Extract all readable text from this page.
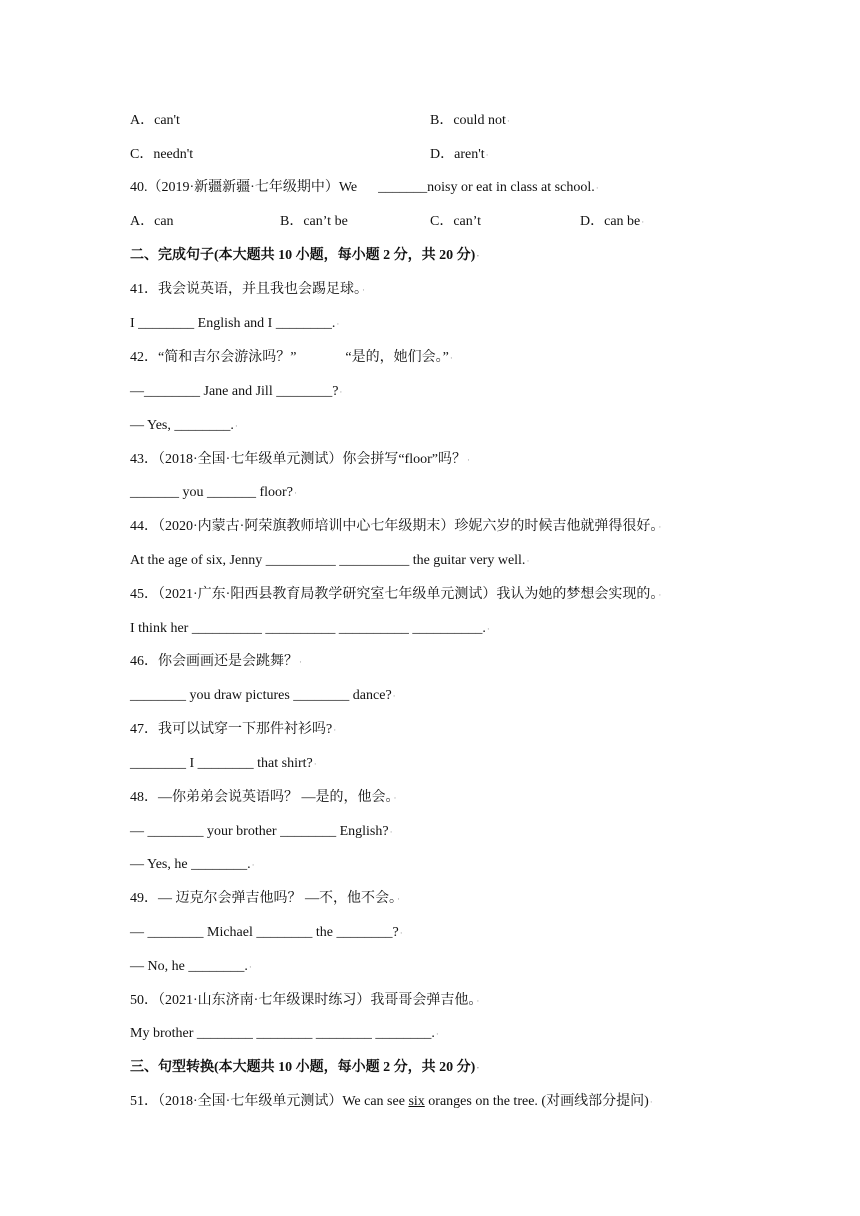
A．can't	B．could not·
C．needn't	D．aren't·
40.（2019·新疆新疆·七年级期中）We      _______noisy or eat in class at school.·
A．can	B．can’t be	C．can’t	D．can be·
二、完成句子(本大题共 10 小题，每小题 2 分，共 20 分)·
41．我会说英语，并且我也会踢足球。·
I ________ English and I ________.·
42．“简和吉尔会游泳吗？”              “是的，她们会。”·
—________ Jane and Jill ________?·
— Yes, ________.·
43．（2018·全国·七年级单元测试）你会拼写“floor”吗？·
_______ you _______ floor?·
44．（2020·内蒙古·阿荣旗教师培训中心七年级期末）珍妮六岁的时候吉他就弹得很好。·
At the age of six, Jenny __________ __________ the guitar very well.·
45．（2021·广东·阳西县教育局教学研究室七年级单元测试）我认为她的梦想会实现的。·
I think her __________ __________ __________ __________.·
46．你会画画还是会跳舞？·
________ you draw pictures ________ dance?·
47．我可以试穿一下那件衬衫吗?·
________ I ________ that shirt?·
48．—你弟弟会说英语吗？ —是的，他会。·
— ________ your brother ________ English?·
— Yes, he ________.·
49．— 迈克尔会弹吉他吗？ —不，他不会。·
— ________ Michael ________ the ________?·
— No, he ________.·
50．（2021·山东济南·七年级课时练习）我哥哥会弹吉他。·
My brother ________ ________ ________ ________.·
三、句型转换(本大题共 10 小题，每小题 2 分，共 20 分)·
51．（2018·全国·七年级单元测试）We can see six oranges on the tree. (对画线部分提问)·
